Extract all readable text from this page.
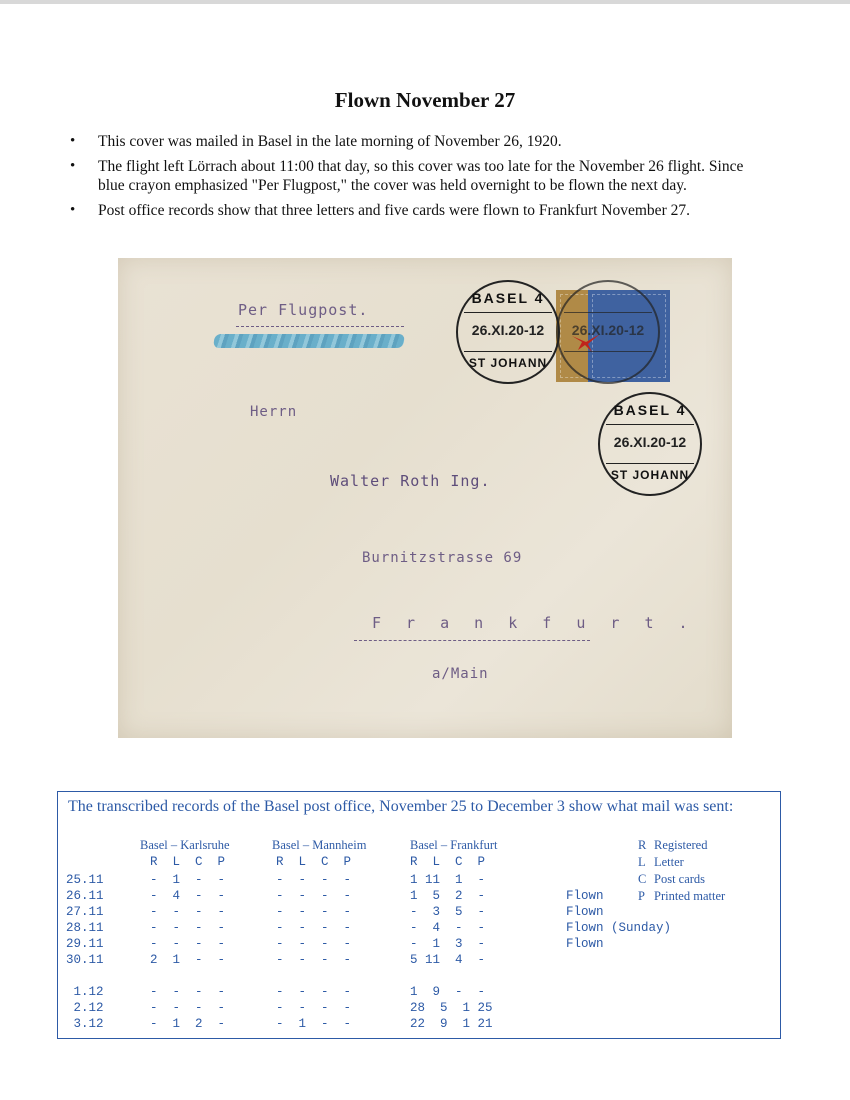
Flown November 27
• This cover was mailed in Basel in the late morning of November 26, 1920.
• The flight left Lörrach about 11:00 that day, so this cover was too late for the November 26 flight. Since blue crayon emphasized "Per Flugpost," the cover was held overnight to be flown the next day.
• Post office records show that three letters and five cards were flown to Frankfurt November 27.
Per Flugpost.
Herrn
Walter Roth Ing.
Burnitzstrasse 69
F r a n k f u r t .
a/Main
BASEL 4
26.XI.20-12
ST JOHANN
26.XI.20-12
BASEL 4
26.XI.20-12
ST JOHANN
The transcribed records of the Basel post office, November 25 to December 3 show what mail was sent:
Basel – Karlsruhe	Basel – Mannheim	Basel – Frankfurt
R  L  C  P	R  L  C  P	R  L  C  P
25.11	-  1  -  -	-  -  -  -	1 11  1  -
26.11	-  4  -  -	-  -  -  -	1  5  2  -	Flown
27.11	-  -  -  -	-  -  -  -	-  3  5  -	Flown
28.11	-  -  -  -	-  -  -  -	-  4  -  -	Flown (Sunday)
29.11	-  -  -  -	-  -  -  -	-  1  3  -	Flown
30.11	2  1  -  -	-  -  -  -	5 11  4  -
1.12	-  -  -  -	-  -  -  -	1  9  -  -
2.12	-  -  -  -	-  -  -  -	28  5  1 25
3.12	-  1  2  -	-  1  -  -	22  9  1 21
R Registered
L Letter
C Post cards
P Printed matter
